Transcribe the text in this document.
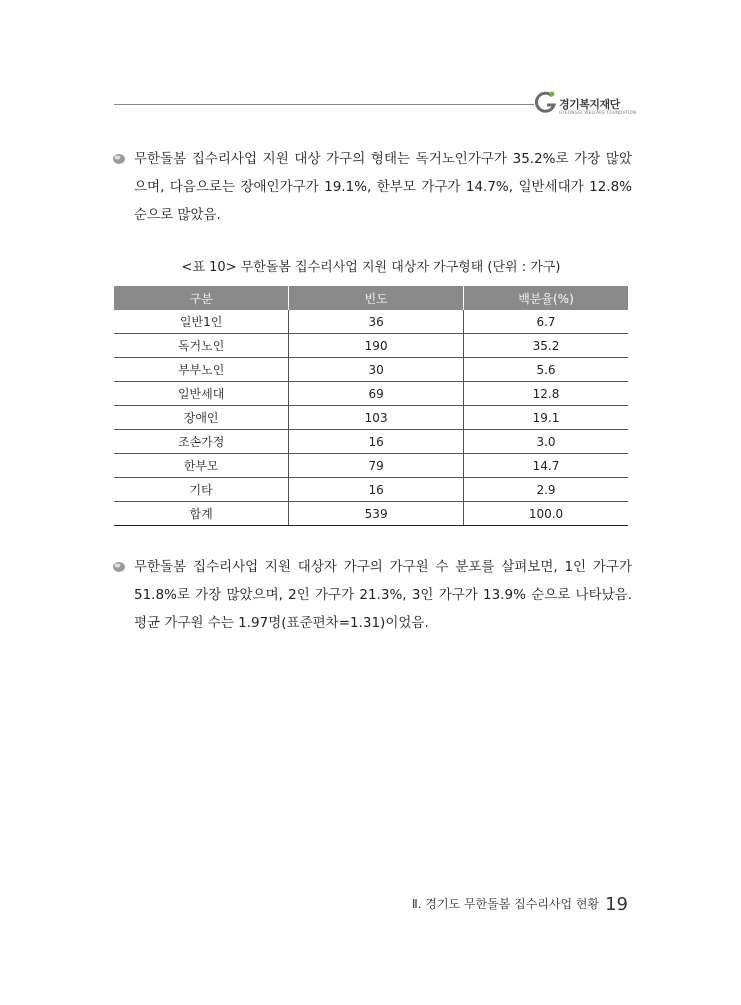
경기복지재단
GYEONGGI WELFARE FOUNDATION
무한돌봄 집수리사업 지원 대상 가구의 형태는 독거노인가구가 35.2%로 가장 많았으며, 다음으로는 장애인가구가 19.1%, 한부모 가구가 14.7%, 일반세대가 12.8% 순으로 많았음.
<표 10> 무한돌봄 집수리사업 지원 대상자 가구형태 (단위 : 가구)
구분	빈도	백분율(%)
일반1인	36	6.7
독거노인	190	35.2
부부노인	30	5.6
일반세대	69	12.8
장애인	103	19.1
조손가정	16	3.0
한부모	79	14.7
기타	16	2.9
합계	539	100.0
무한돌봄 집수리사업 지원 대상자 가구의 가구원 수 분포를 살펴보면, 1인 가구가 51.8%로 가장 많았으며, 2인 가구가 21.3%, 3인 가구가 13.9% 순으로 나타났음. 평균 가구원 수는 1.97명(표준편차=1.31)이었음.
Ⅱ. 경기도 무한돌봄 집수리사업 현황 19
